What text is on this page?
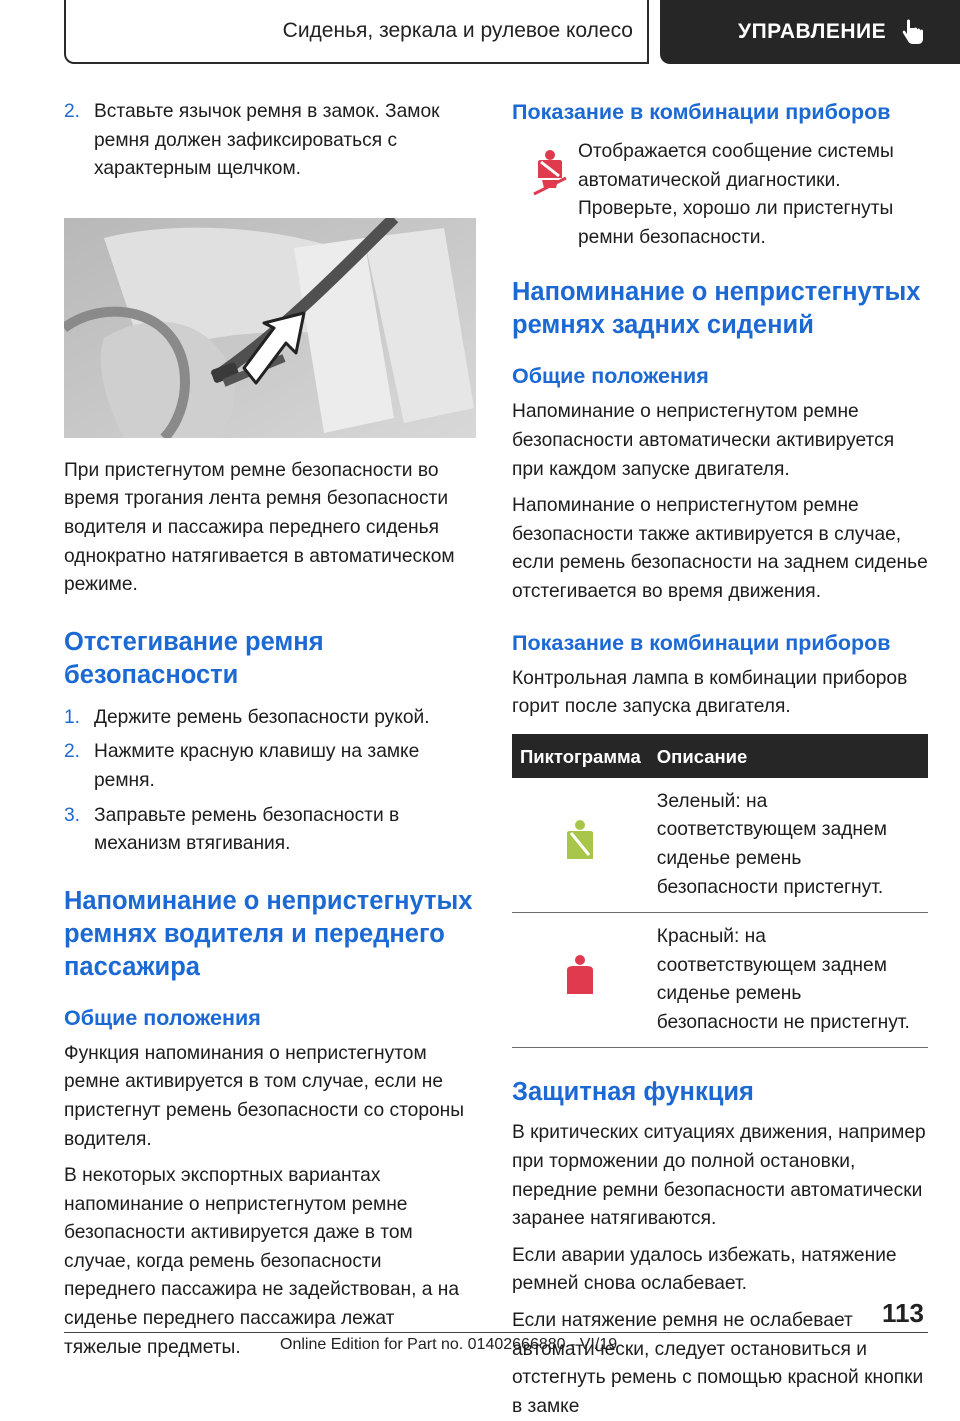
Сиденья, зеркала и рулевое колесо	УПРАВЛЕНИЕ
2. Вставьте язычок ремня в замок. Замок ремня должен зафиксироваться с характерным щелчком.

При пристегнутом ремне безопасности во время трогания лента ремня безопасности водителя и пассажира переднего сиденья однократно натягивается в автоматическом режиме.

Отстегивание ремня безопасности
1. Держите ремень безопасности рукой.
2. Нажмите красную клавишу на замке ремня.
3. Заправьте ремень безопасности в механизм втягивания.
Напоминание о непристегнутых ремнях водителя и переднего пассажира
Общие положения

Функция напоминания о непристегнутом ремне активируется в том случае, если не пристегнут ремень безопасности со стороны водителя.

В некоторых экспортных вариантах напоминание о непристегнутом ремне безопасности активируется даже в том случае, когда ремень безопасности переднего пассажира не задействован, а на сиденье переднего пассажира лежат тяжелые предметы.

Показание в комбинации приборов

Отображается сообщение системы автоматической диагностики. Проверьте, хорошо ли пристегнуты ремни безопасности.

Напоминание о непристегнутых ремнях задних сидений
Общие положения

Напоминание о непристегнутом ремне безопасности автоматически активируется при каждом запуске двигателя.

Напоминание о непристегнутом ремне безопасности также активируется в случае, если ремень безопасности на заднем сиденье отстегивается во время движения.

Показание в комбинации приборов

Контрольная лампа в комбинации приборов горит после запуска двигателя.

Пиктограмма	Описание
	Зеленый: на соответствующем заднем сиденье ремень безопасности пристегнут.
	Красный: на соответствующем заднем сиденье ремень безопасности не пристегнут.
Защитная функция

В критических ситуациях движения, например при торможении до полной остановки, передние ремни безопасности автоматически заранее натягиваются.

Если аварии удалось избежать, натяжение ремней снова ослабевает.

Если натяжение ремня не ослабевает автоматически, следует остановиться и отстегнуть ремень с помощью красной кнопки в замке

113
Online Edition for Part no. 01402666880 - VI/19
